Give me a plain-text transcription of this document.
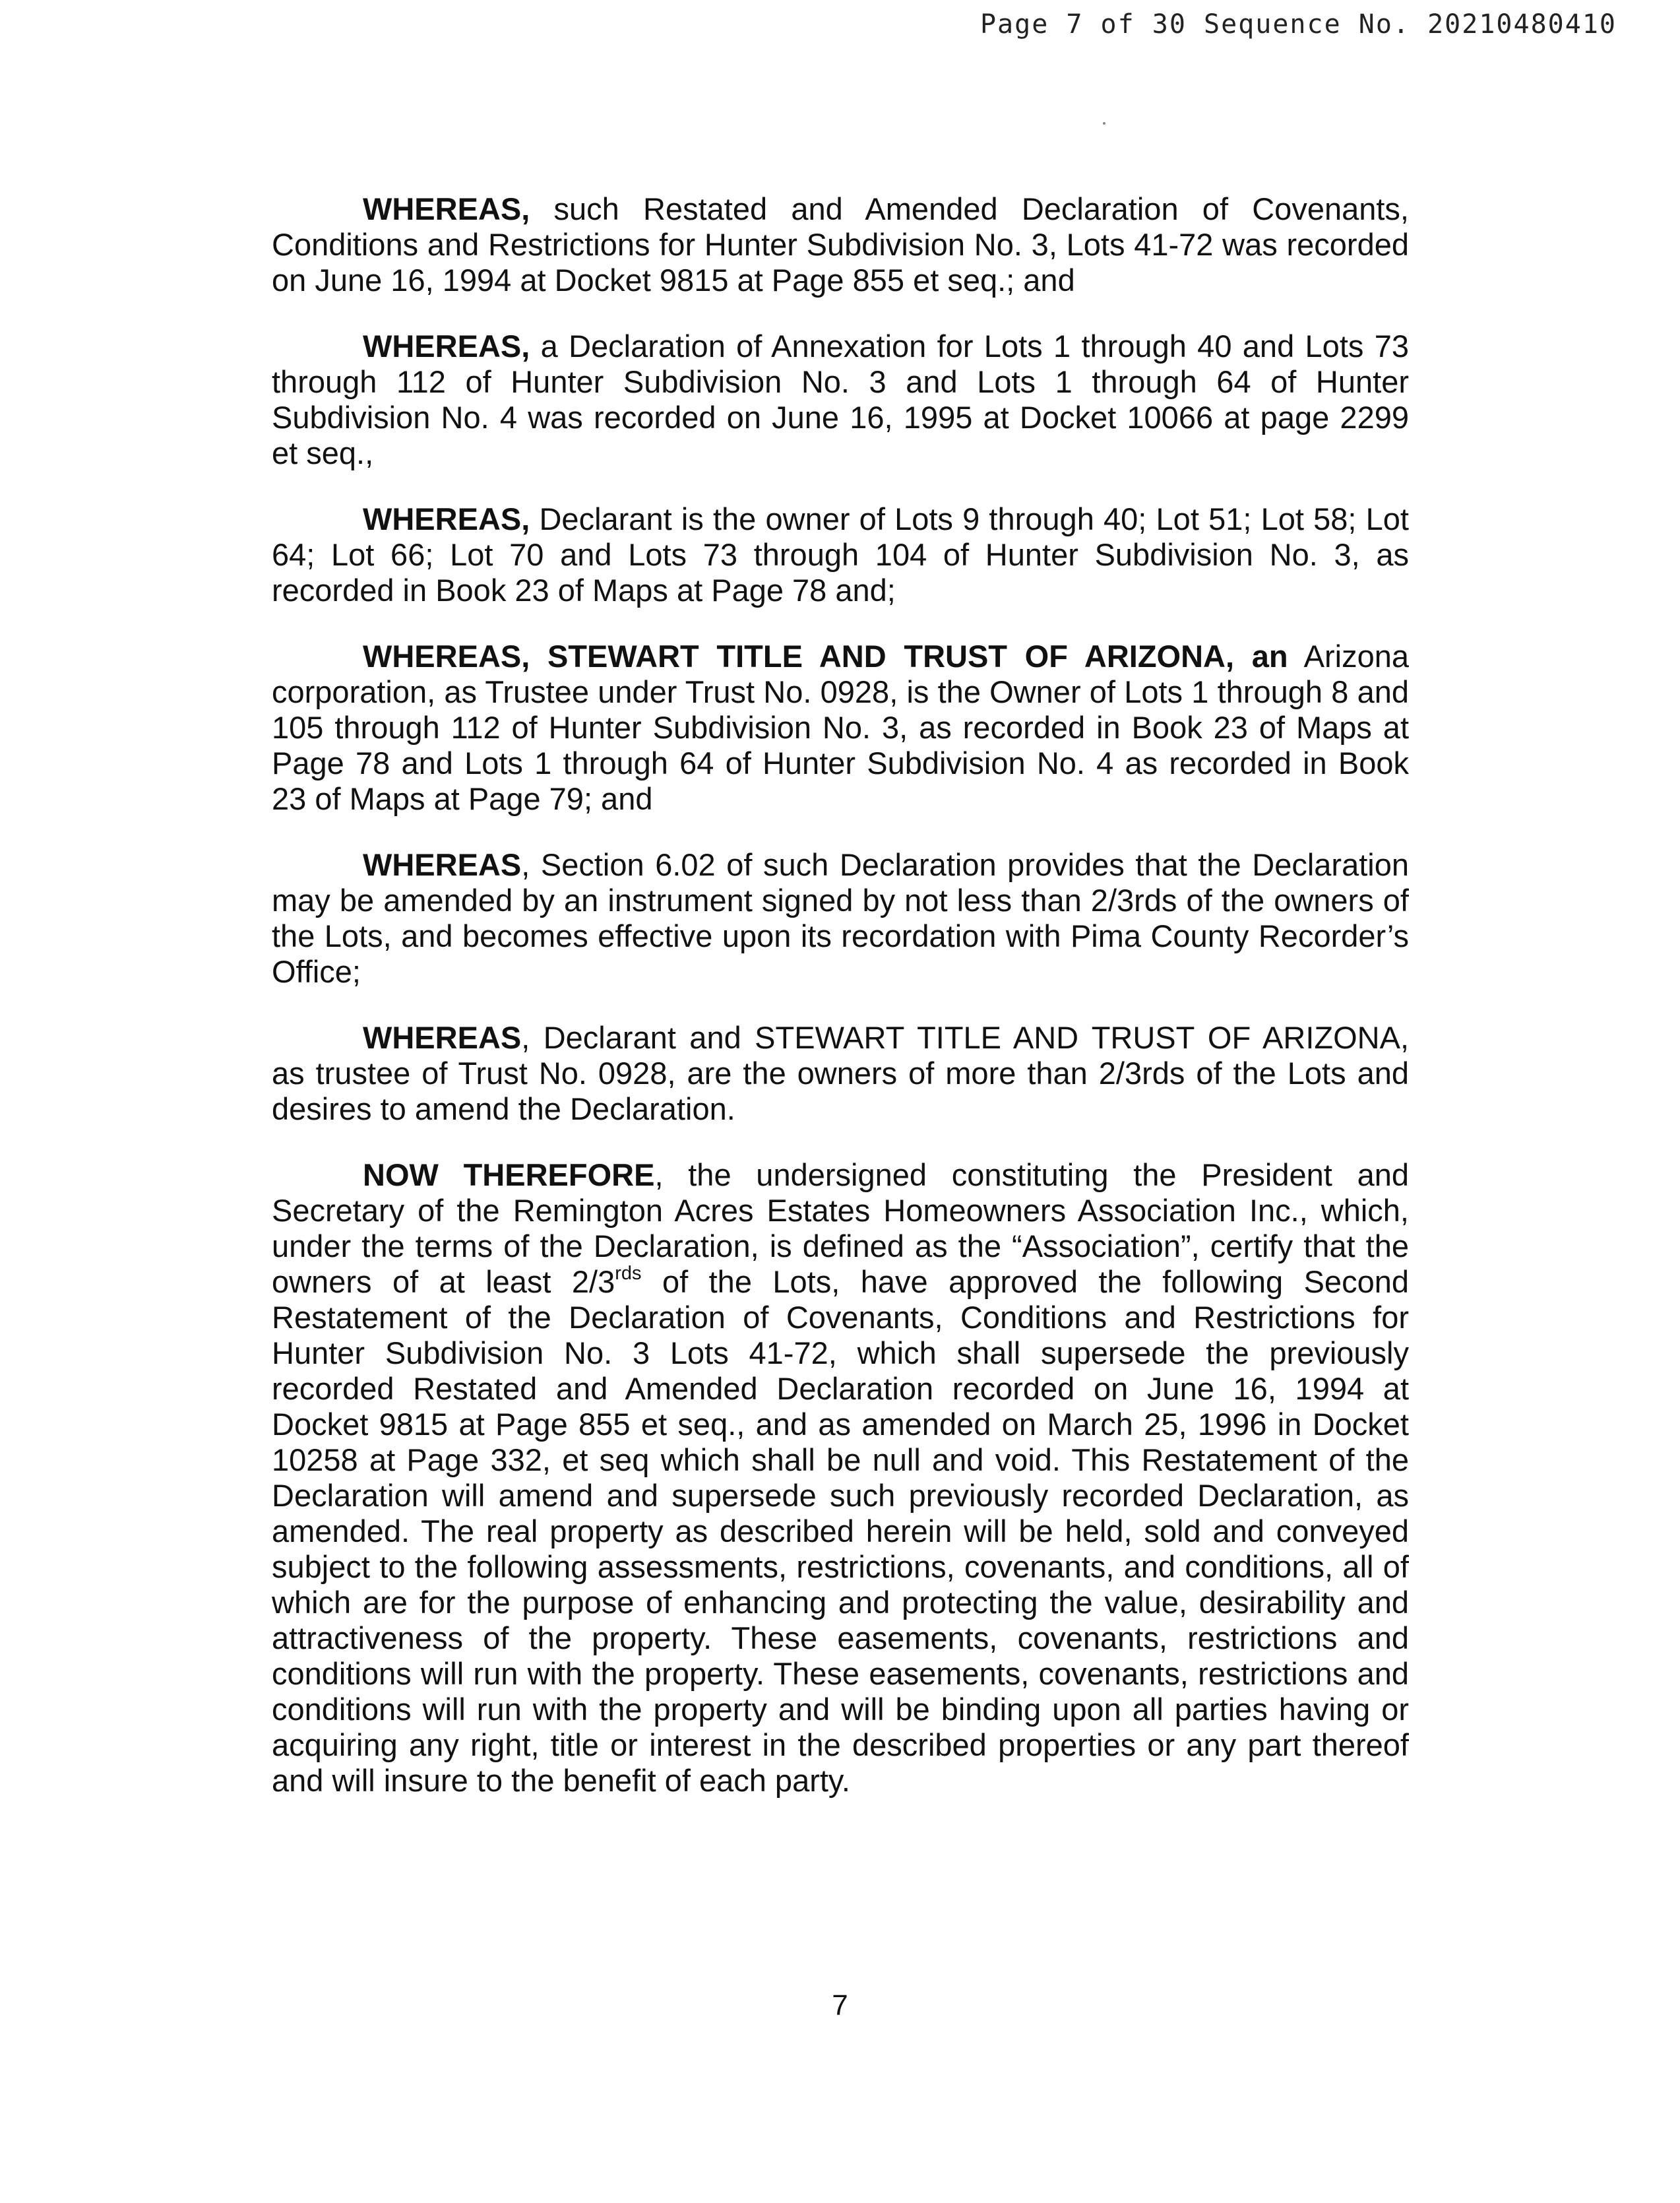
Page 7 of 30 Sequence No. 20210480410

WHEREAS, such Restated and Amended Declaration of Covenants, Conditions and Restrictions for Hunter Subdivision No. 3, Lots 41-72 was recorded on June 16, 1994 at Docket 9815 at Page 855 et seq.; and

WHEREAS, a Declaration of Annexation for Lots 1 through 40 and Lots 73 through 112 of Hunter Subdivision No. 3 and Lots 1 through 64 of Hunter Subdivision No. 4 was recorded on June 16, 1995 at Docket 10066 at page 2299 et seq.,

WHEREAS, Declarant is the owner of Lots 9 through 40; Lot 51; Lot 58; Lot 64; Lot 66; Lot 70 and Lots 73 through 104 of Hunter Subdivision No. 3, as recorded in Book 23 of Maps at Page 78 and;

WHEREAS, STEWART TITLE AND TRUST OF ARIZONA, an Arizona corporation, as Trustee under Trust No. 0928, is the Owner of Lots 1 through 8 and 105 through 112 of Hunter Subdivision No. 3, as recorded in Book 23 of Maps at Page 78 and Lots 1 through 64 of Hunter Subdivision No. 4 as recorded in Book 23 of Maps at Page 79; and

WHEREAS, Section 6.02 of such Declaration provides that the Declaration may be amended by an instrument signed by not less than 2/3rds of the owners of the Lots, and becomes effective upon its recordation with Pima County Recorder’s Office;

WHEREAS, Declarant and STEWART TITLE AND TRUST OF ARIZONA, as trustee of Trust No. 0928, are the owners of more than 2/3rds of the Lots and desires to amend the Declaration.

NOW THEREFORE, the undersigned constituting the President and Secretary of the Remington Acres Estates Homeowners Association Inc., which, under the terms of the Declaration, is defined as the “Association”, certify that the owners of at least $2/3^{rds}$ of the Lots, have approved the following Second Restatement of the Declaration of Covenants, Conditions and Restrictions for Hunter Subdivision No. 3 Lots 41-72, which shall supersede the previously recorded Restated and Amended Declaration recorded on June 16, 1994 at Docket 9815 at Page 855 et seq., and as amended on March 25, 1996 in Docket 10258 at Page 332, et seq which shall be null and void. This Restatement of the Declaration will amend and supersede such previously recorded Declaration, as amended. The real property as described herein will be held, sold and conveyed subject to the following assessments, restrictions, covenants, and conditions, all of which are for the purpose of enhancing and protecting the value, desirability and attractiveness of the property. These easements, covenants, restrictions and conditions will run with the property. These easements, covenants, restrictions and conditions will run with the property and will be binding upon all parties having or acquiring any right, title or interest in the described properties or any part thereof and will insure to the benefit of each party.

7
